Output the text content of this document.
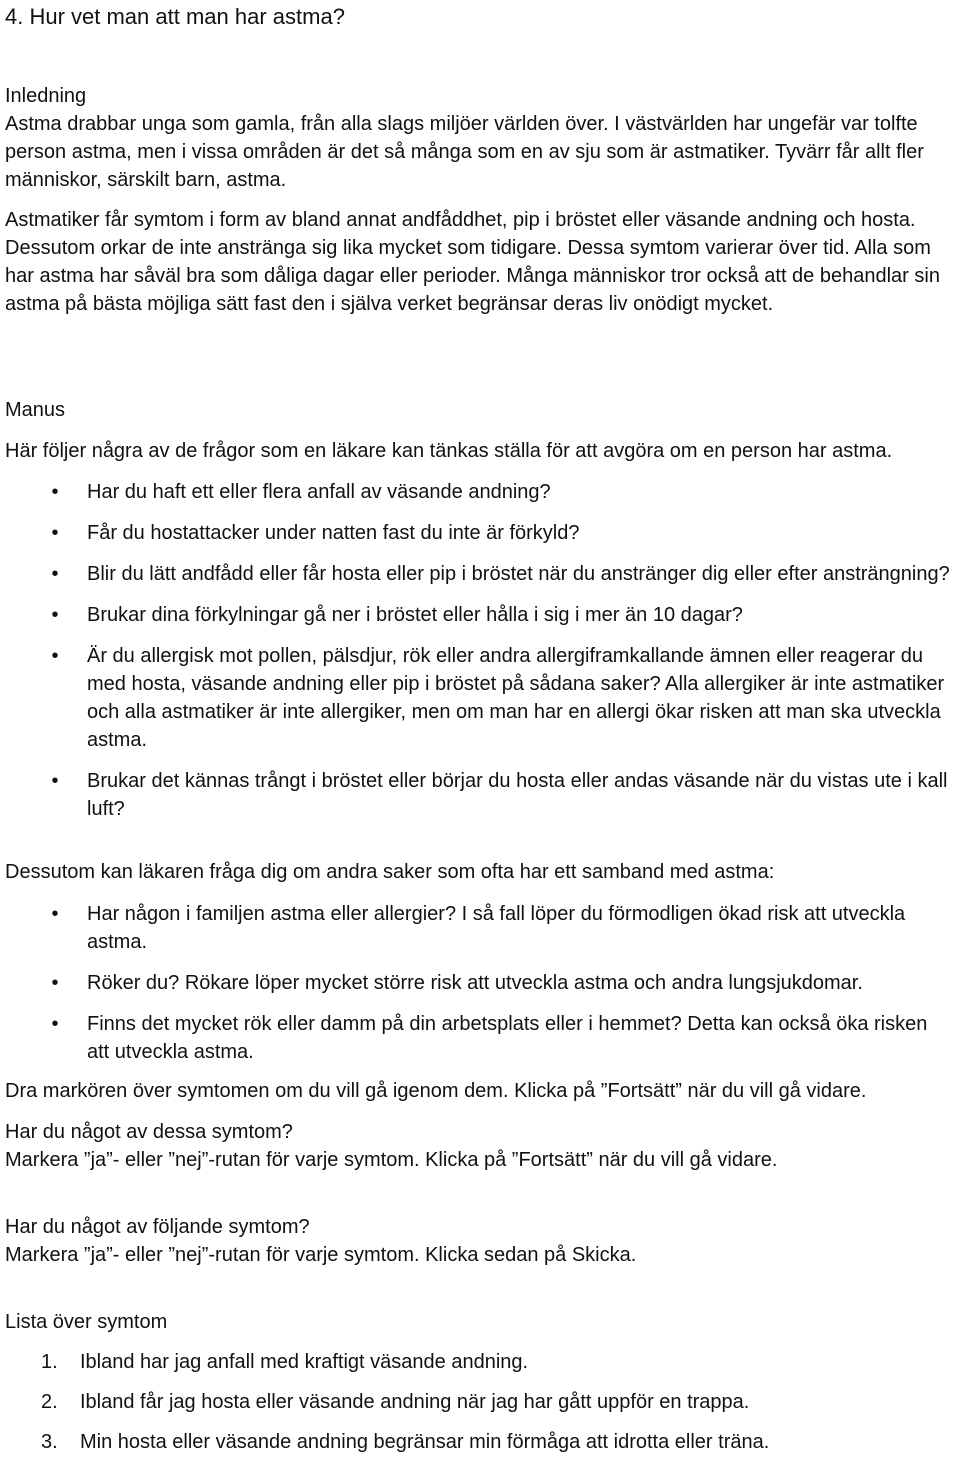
4. Hur vet man att man har astma?

Inledning

Astma drabbar unga som gamla, från alla slags miljöer världen över. I västvärlden har ungefär var tolfte person astma, men i vissa områden är det så många som en av sju som är astmatiker. Tyvärr får allt fler människor, särskilt barn, astma.

Astmatiker får symtom i form av bland annat andfåddhet, pip i bröstet eller väsande andning och hosta. Dessutom orkar de inte anstränga sig lika mycket som tidigare. Dessa symtom varierar över tid. Alla som har astma har såväl bra som dåliga dagar eller perioder. Många människor tror också att de behandlar sin astma på bästa möjliga sätt fast den i själva verket begränsar deras liv onödigt mycket.

Manus

Här följer några av de frågor som en läkare kan tänkas ställa för att avgöra om en person har astma.

• Har du haft ett eller flera anfall av väsande andning?
• Får du hostattacker under natten fast du inte är förkyld?
• Blir du lätt andfådd eller får hosta eller pip i bröstet när du anstränger dig eller efter ansträngning?
• Brukar dina förkylningar gå ner i bröstet eller hålla i sig i mer än 10 dagar?
• Är du allergisk mot pollen, pälsdjur, rök eller andra allergiframkallande ämnen eller reagerar du med hosta, väsande andning eller pip i bröstet på sådana saker? Alla allergiker är inte astmatiker och alla astmatiker är inte allergiker, men om man har en allergi ökar risken att man ska utveckla astma.
• Brukar det kännas trångt i bröstet eller börjar du hosta eller andas väsande när du vistas ute i kall luft?

Dessutom kan läkaren fråga dig om andra saker som ofta har ett samband med astma:

• Har någon i familjen astma eller allergier? I så fall löper du förmodligen ökad risk att utveckla astma.
• Röker du? Rökare löper mycket större risk att utveckla astma och andra lungsjukdomar.
• Finns det mycket rök eller damm på din arbetsplats eller i hemmet? Detta kan också öka risken att utveckla astma.

Dra markören över symtomen om du vill gå igenom dem. Klicka på ”Fortsätt” när du vill gå vidare.

Har du något av dessa symtom?

Markera ”ja”- eller ”nej”-rutan för varje symtom. Klicka på ”Fortsätt” när du vill gå vidare.

Har du något av följande symtom?

Markera ”ja”- eller ”nej”-rutan för varje symtom. Klicka sedan på Skicka.

Lista över symtom

1. Ibland har jag anfall med kraftigt väsande andning.
2. Ibland får jag hosta eller väsande andning när jag har gått uppför en trappa.
3. Min hosta eller väsande andning begränsar min förmåga att idrotta eller träna.
